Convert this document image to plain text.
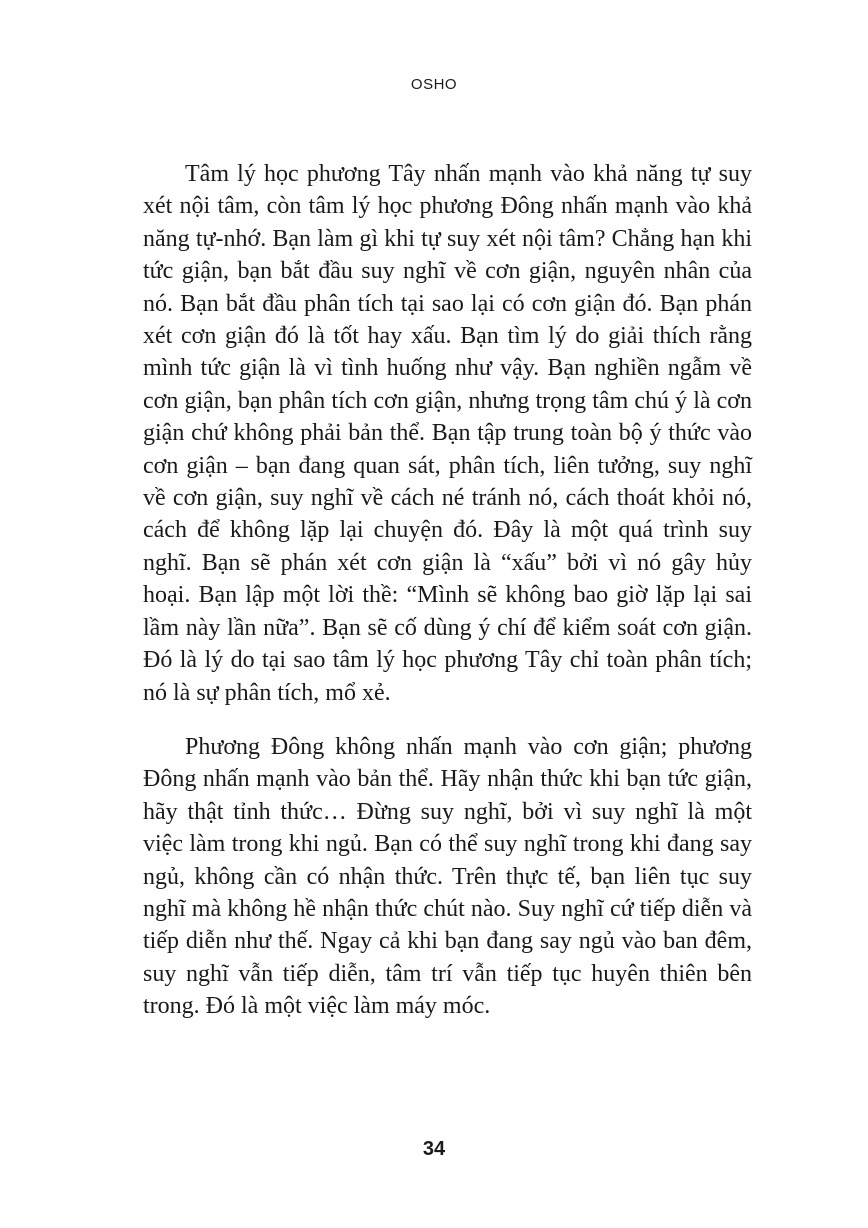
OSHO

Tâm lý học phương Tây nhấn mạnh vào khả năng tự suy xét nội tâm, còn tâm lý học phương Đông nhấn mạnh vào khả năng tự-nhớ. Bạn làm gì khi tự suy xét nội tâm? Chẳng hạn khi tức giận, bạn bắt đầu suy nghĩ về cơn giận, nguyên nhân của nó. Bạn bắt đầu phân tích tại sao lại có cơn giận đó. Bạn phán xét cơn giận đó là tốt hay xấu. Bạn tìm lý do giải thích rằng mình tức giận là vì tình huống như vậy. Bạn nghiền ngẫm về cơn giận, bạn phân tích cơn giận, nhưng trọng tâm chú ý là cơn giận chứ không phải bản thể. Bạn tập trung toàn bộ ý thức vào cơn giận – bạn đang quan sát, phân tích, liên tưởng, suy nghĩ về cơn giận, suy nghĩ về cách né tránh nó, cách thoát khỏi nó, cách để không lặp lại chuyện đó. Đây là một quá trình suy nghĩ. Bạn sẽ phán xét cơn giận là “xấu” bởi vì nó gây hủy hoại. Bạn lập một lời thề: “Mình sẽ không bao giờ lặp lại sai lầm này lần nữa”. Bạn sẽ cố dùng ý chí để kiểm soát cơn giận. Đó là lý do tại sao tâm lý học phương Tây chỉ toàn phân tích; nó là sự phân tích, mổ xẻ.

Phương Đông không nhấn mạnh vào cơn giận; phương Đông nhấn mạnh vào bản thể. Hãy nhận thức khi bạn tức giận, hãy thật tỉnh thức… Đừng suy nghĩ, bởi vì suy nghĩ là một việc làm trong khi ngủ. Bạn có thể suy nghĩ trong khi đang say ngủ, không cần có nhận thức. Trên thực tế, bạn liên tục suy nghĩ mà không hề nhận thức chút nào. Suy nghĩ cứ tiếp diễn và tiếp diễn như thế. Ngay cả khi bạn đang say ngủ vào ban đêm, suy nghĩ vẫn tiếp diễn, tâm trí vẫn tiếp tục huyên thiên bên trong. Đó là một việc làm máy móc.

34
